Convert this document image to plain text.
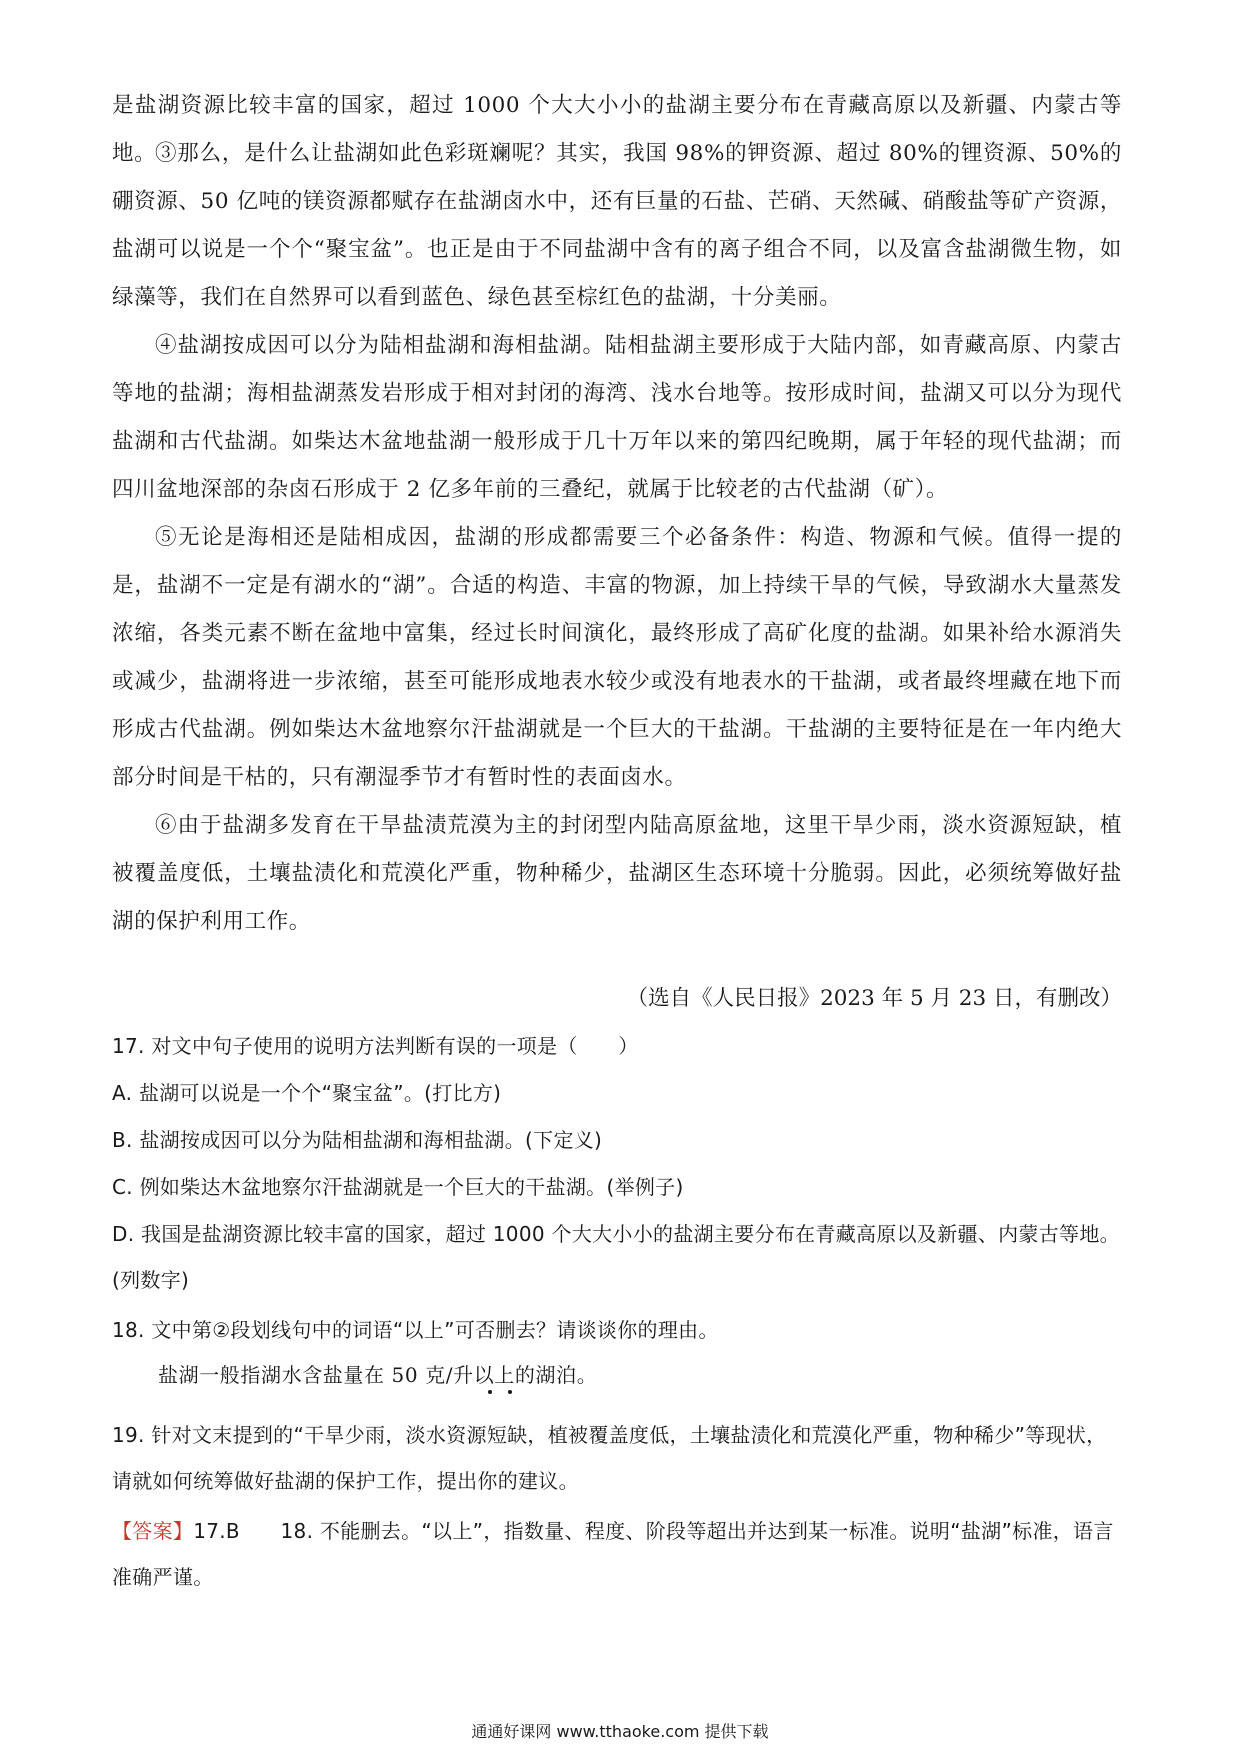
是盐湖资源比较丰富的国家，超过 1000 个大大小小的盐湖主要分布在青藏高原以及新疆、内蒙古等地。

③那么，是什么让盐湖如此色彩斑斓呢？其实，我国 98%的钾资源、超过 80%的锂资源、50%的硼资源、50 亿吨的镁资源都赋存在盐湖卤水中，还有巨量的石盐、芒硝、天然碱、硝酸盐等矿产资源，盐湖可以说是一个个“聚宝盆”。也正是由于不同盐湖中含有的离子组合不同，以及富含盐湖微生物，如绿藻等，我们在自然界可以看到蓝色、绿色甚至棕红色的盐湖，十分美丽。

④盐湖按成因可以分为陆相盐湖和海相盐湖。陆相盐湖主要形成于大陆内部，如青藏高原、内蒙古等地的盐湖；海相盐湖蒸发岩形成于相对封闭的海湾、浅水台地等。按形成时间，盐湖又可以分为现代盐湖和古代盐湖。如柴达木盆地盐湖一般形成于几十万年以来的第四纪晚期，属于年轻的现代盐湖；而四川盆地深部的杂卤石形成于 2 亿多年前的三叠纪，就属于比较老的古代盐湖（矿）。

⑤无论是海相还是陆相成因，盐湖的形成都需要三个必备条件：构造、物源和气候。值得一提的是，盐湖不一定是有湖水的“湖”。合适的构造、丰富的物源，加上持续干旱的气候，导致湖水大量蒸发浓缩，各类元素不断在盆地中富集，经过长时间演化，最终形成了高矿化度的盐湖。如果补给水源消失或减少，盐湖将进一步浓缩，甚至可能形成地表水较少或没有地表水的干盐湖，或者最终埋藏在地下而形成古代盐湖。例如柴达木盆地察尔汗盐湖就是一个巨大的干盐湖。干盐湖的主要特征是在一年内绝大部分时间是干枯的，只有潮湿季节才有暂时性的表面卤水。

⑥由于盐湖多发育在干旱盐渍荒漠为主的封闭型内陆高原盆地，这里干旱少雨，淡水资源短缺，植被覆盖度低，土壤盐渍化和荒漠化严重，物种稀少，盐湖区生态环境十分脆弱。因此，必须统筹做好盐湖的保护利用工作。

（选自《人民日报》2023 年 5 月 23 日，有删改）

17. 对文中句子使用的说明方法判断有误的一项是（　　）

A. 盐湖可以说是一个个“聚宝盆”。(打比方)

B. 盐湖按成因可以分为陆相盐湖和海相盐湖。(下定义)

C. 例如柴达木盆地察尔汗盐湖就是一个巨大的干盐湖。(举例子)

D. 我国是盐湖资源比较丰富的国家，超过 1000 个大大小小的盐湖主要分布在青藏高原以及新疆、内蒙古等地。(列数字)

18. 文中第②段划线句中的词语“以上”可否删去？请谈谈你的理由。

盐湖一般指湖水含盐量在 50 克/升以上的湖泊。

19. 针对文末提到的“干旱少雨，淡水资源短缺，植被覆盖度低，土壤盐渍化和荒漠化严重，物种稀少”等现状，请就如何统筹做好盐湖的保护工作，提出你的建议。

【答案】17.B　　18. 不能删去。“以上”，指数量、程度、阶段等超出并达到某一标准。说明“盐湖”标准，语言准确严谨。

通通好课网 www.tthaoke.com 提供下载
